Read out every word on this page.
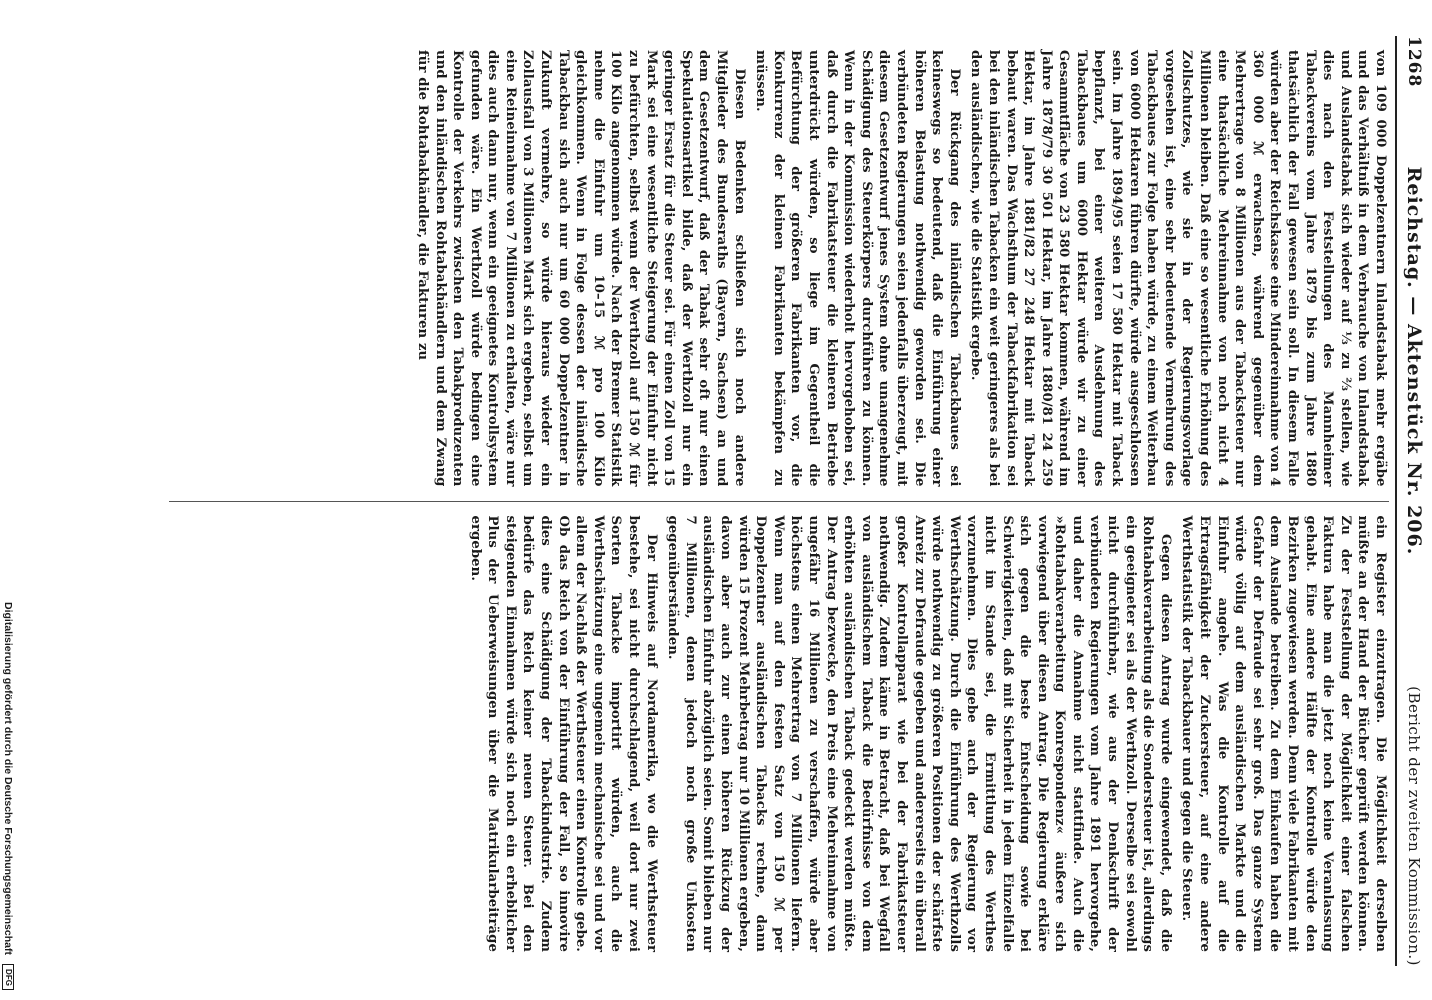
1268
Reichstag. — Aktenstück Nr. 206.
(Bericht der zweiten Kommission.)

von 109 000 Doppelzentnern Inlandstabak mehr ergäbe und das Verhältniß in dem Verbrauche von Inlandstabak und Auslandstabak sich wieder auf ⅓ zu ⅔ stellen, wie dies nach den Feststellungen des Mannheimer Tabackvereins vom Jahre 1879 bis zum Jahre 1880 thatsächlich der Fall gewesen sein soll. In diesem Falle würden aber der Reichskasse eine Mindereinnahme von 4 360 000 ℳ erwachsen, während gegenüber dem Mehrertrage von 8 Millionen aus der Tabacksteuer nur eine thatsächliche Mehreinnahme von noch nicht 4 Millionen bleiben. Daß eine so wesentliche Erhöhung des Zollschutzes, wie sie in der Regierungsvorlage vorgesehen ist, eine sehr bedeutende Vermehrung des Tabackbaues zur Folge haben würde, zu einem Weiterbau von 6000 Hektaren führen dürfte, würde ausgeschlossen sein. Im Jahre 1894/95 seien 17 580 Hektar mit Taback bepflanzt, bei einer weiteren Ausdehnung des Tabackbaues um 6000 Hektar würde wir zu einer Gesammtfläche von 23 580 Hektar kommen, während im Jahre 1878/79 30 501 Hektar, im Jahre 1880/81 24 259 Hektar, im Jahre 1881/82 27 248 Hektar mit Taback bebaut waren. Das Wachsthum der Tabackfabrikation sei bei den inländischen Tabacken ein weit geringeres als bei den ausländischen, wie die Statistik ergebe.

Der Rückgang des inländischen Tabackbaues sei keineswegs so bedeutend, daß die Einführung einer höheren Belastung nothwendig geworden sei. Die verbündeten Regierungen seien jedenfalls überzeugt, mit diesem Gesetzentwurf jenes System ohne unangenehme Schädigung des Steuerkörpers durchführen zu können. Wenn in der Kommission wiederholt hervorgehoben sei, daß durch die Fabrikatsteuer die kleineren Betriebe unterdrückt würden, so liege im Gegentheil die Befürchtung der größeren Fabrikanten vor, die Konkurrenz der kleinen Fabrikanten bekämpfen zu müssen.

Diesen Bedenken schließen sich noch andere Mitglieder des Bundesraths (Bayern, Sachsen) an und dem Gesetzentwurf, daß der Tabak sehr oft nur einen Spekulationsartikel bilde, daß der Werthzoll nur ein geringer Ersatz für die Steuer sei. Für einen Zoll von 15 Mark sei eine wesentliche Steigerung der Einfuhr nicht zu befürchten, selbst wenn der Werthzoll auf 150 ℳ für 100 Kilo angenommen würde. Nach der Bremer Statistik nehme die Einfuhr um 10–15 ℳ pro 100 Kilo gleichkommen. Wenn in Folge dessen der inländische Tabackbau sich auch nur um 60 000 Doppelzentner in Zukunft vermehre, so würde hieraus wieder ein Zollausfall von 3 Millionen Mark sich ergeben, selbst um eine Reineinnahme von 7 Millionen zu erhalten, wäre nur dies auch dann nur, wenn ein geeignetes Kontrollsystem gefunden wäre. Ein Werthzoll würde bedingen eine Kontrolle der Verkehrs zwischen den Tabakproduzenten und den inländischen Rohtabakhändlern und dem Zwang für die Rohtabakhändler, die Fakturen zu

ein Register einzutragen. Die Möglichkeit derselben müßte an der Hand der Bücher geprüft werden können. Zu der Feststellung der Möglichkeit einer falschen Faktura habe man die jetzt noch keine Veranlassung gehabt. Eine andere Hälfte der Kontrolle würde den Bezirken zugewiesen werden. Denn viele Fabrikanten mit dem Auslande betreiben. Zu dem Einkaufen haben die Gefahr der Defraude sei sehr groß. Das ganze System würde völlig auf dem ausländischen Markte und die Einfuhr angehe. Was die Kontrolle auf die Ertragsfähigkeit der Zuckersteuer, auf eine andere Werthstatistik der Tabackbauer und gegen die Steuer.

Gegen diesen Antrag wurde eingewendet, daß die Rohtabakverarbeitung als die Sondersteuer ist, allerdings ein geeigneter sei als der Werthzoll. Derselbe sei sowohl nicht durchführbar, wie aus der Denkschrift der verbündeten Regierungen vom Jahre 1891 hervorgehe, und daher die Annahme nicht stattfinde. Auch die »Rohtabakverarbeitung Konrespondenz« äußere sich vorwiegend über diesen Antrag. Die Regierung erkläre sich gegen die beste Entscheidung sowie bei Schwierigkeiten, daß mit Sicherheit in jedem Einzelfalle nicht im Stande sei, die Ermittlung des Werthes vorzunehmen. Dies gebe auch der Regierung vor Werthschätzung. Durch die Einführung des Werthzolls würde nothwendig zu größeren Positionen der schärfste Anreiz zur Defraude gegeben und andererseits ein überall großer Kontrollapparat wie bei der Fabrikatsteuer nothwendig. Zudem käme in Betracht, daß bei Wegfall von ausländischem Taback die Bedürfnisse von dem erhöhten ausländischen Taback gedeckt werden müßte. Der Antrag bezwecke, den Preis eine Mehreinnahme von ungefähr 16 Millionen zu verschaffen, würde aber höchstens einen Mehrertrag von 7 Millionen liefern. Wenn man auf den festen Satz von 150 ℳ per Doppelzentner ausländischen Tabacks rechne, dann würden 15 Prozent Mehrbetrag nur 10 Millionen ergeben, davon aber auch zur einen höheren Rückzug der ausländischen Einfuhr abzüglich seien. Somit blieben nur 7 Millionen, denen jedoch noch große Unkosten gegenüberständen.

Der Hinweis auf Nordamerika, wo die Werthsteuer bestehe, sei nicht durchschlagend, weil dort nur zwei Sorten Tabacke importirt würden, auch die Werthschätzung eine ungemein mechanische sei und vor allem der Nachlaß der Werthsteuer einen Kontrolle gebe. Ob das Reich von der Einführung der Fall, so innovire dies eine Schädigung der Tabackindustrie. Zudem bedürfe das Reich keiner neuen Steuer. Bei den steigenden Einnahmen würde sich noch ein erheblicher Plus der Ueberweisungen über die Matrikularbeiträge ergeben.

Digitalisierung gefördert durch die Deutsche Forschungsgemeinschaft
DFG
